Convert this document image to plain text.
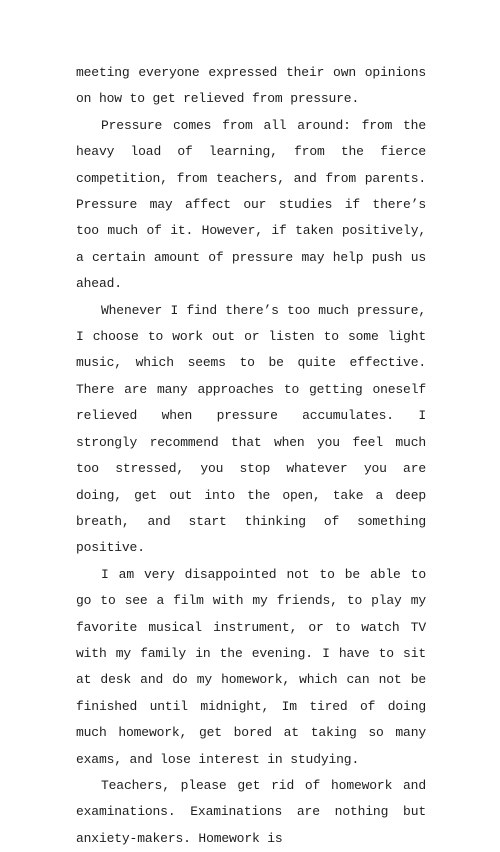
meeting everyone expressed their own opinions on how to get relieved from pressure.

Pressure comes from all around: from the heavy load of learning, from the fierce competition, from teachers, and from parents. Pressure may affect our studies if there’s too much of it. However, if taken positively, a certain amount of pressure may help push us ahead.

Whenever I find there’s too much pressure, I choose to work out or listen to some light music, which seems to be quite effective. There are many approaches to getting oneself relieved when pressure accumulates. I strongly recommend that when you feel much too stressed, you stop whatever you are doing, get out into the open, take a deep breath, and start thinking of something positive.

I am very disappointed not to be able to go to see a film with my friends, to play my favorite musical instrument, or to watch TV with my family in the evening. I have to sit at desk and do my homework, which can not be finished until midnight, Im tired of doing much homework, get bored at taking so many exams, and lose interest in studying.

Teachers, please get rid of homework and examinations. Examinations are nothing but anxiety-makers. Homework is
